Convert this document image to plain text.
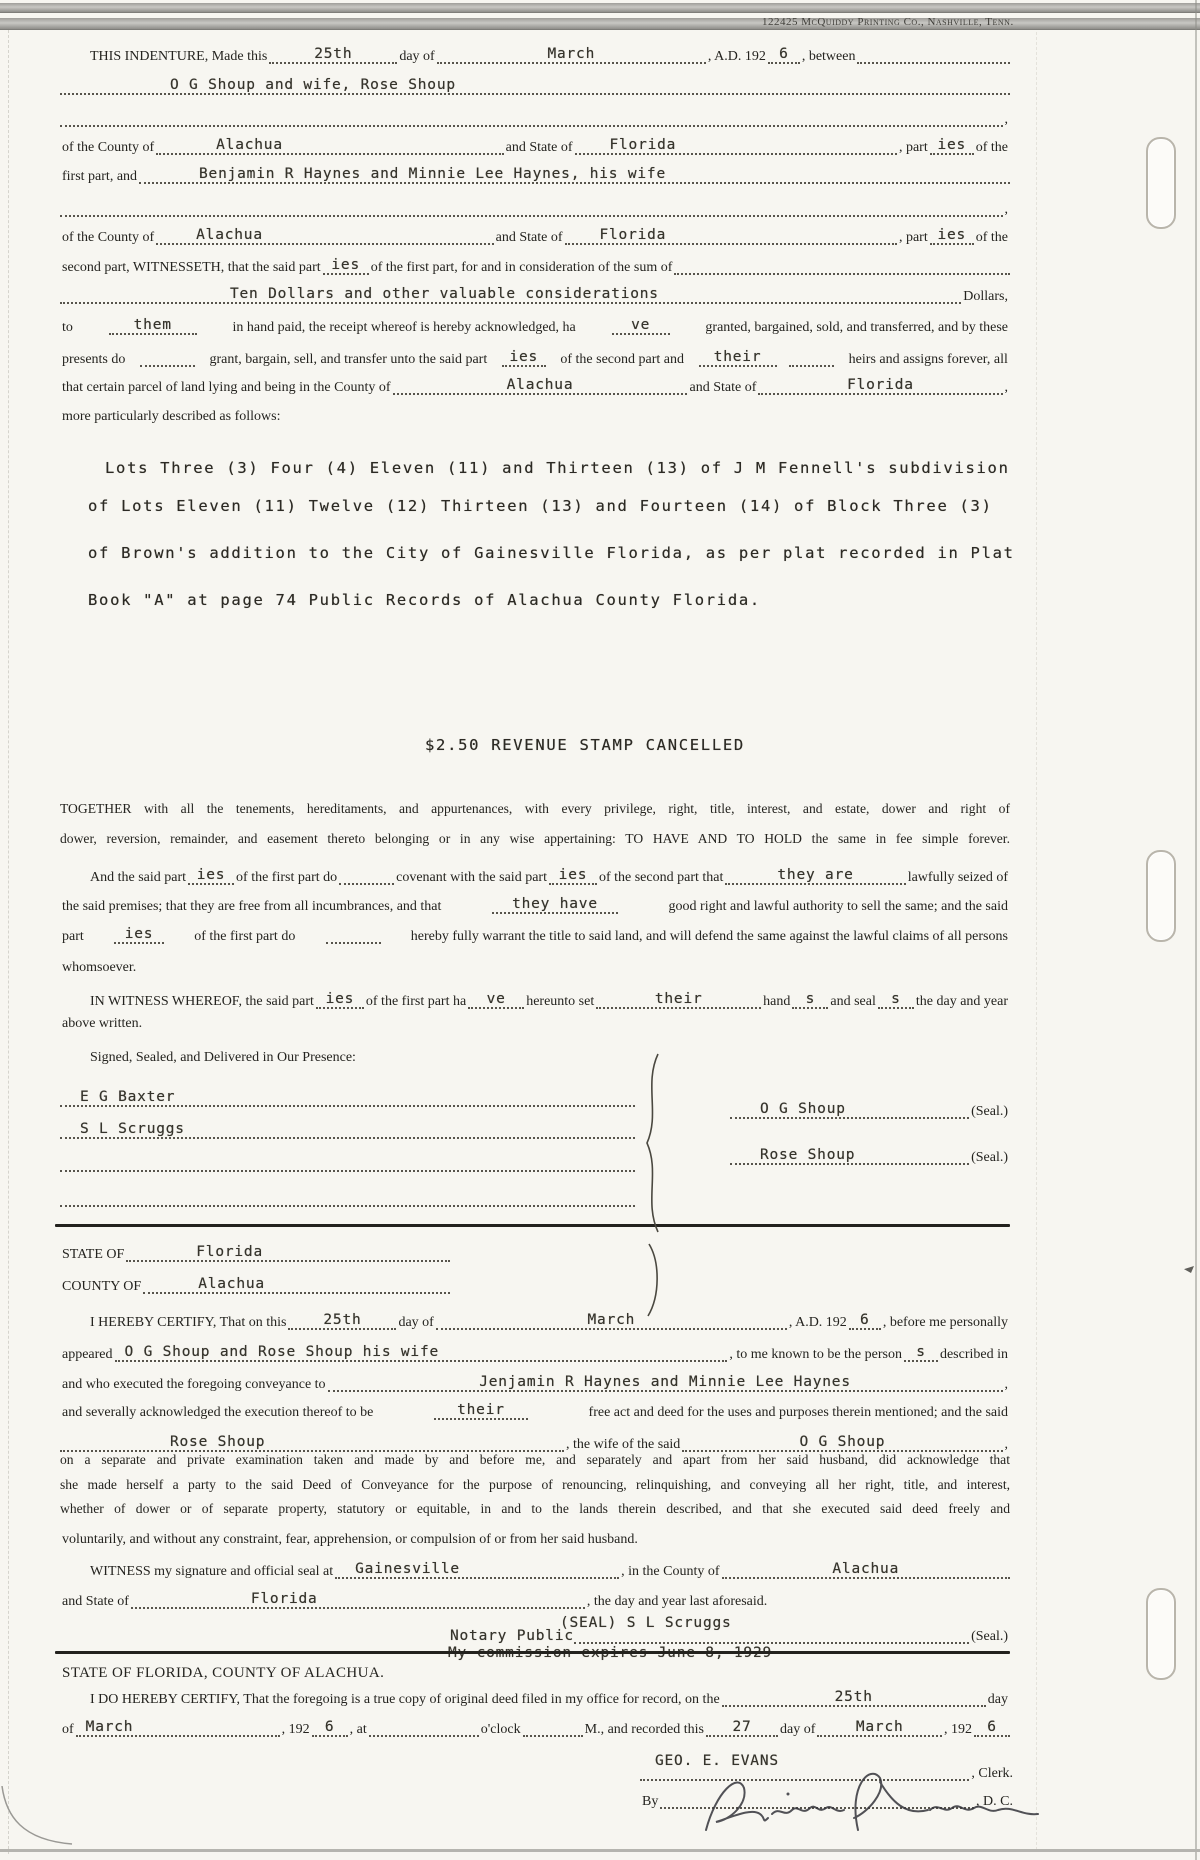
122425 McQuiddy Printing Co., Nashville, Tenn.
THIS INDENTURE, Made this	25th	day of	March	, A.D. 192 6 , between
O G Shoup and wife, Rose Shoup
,
of the County of	Alachua	and State of	Florida	, part ies of the
first part, and	Benjamin R Haynes and Minnie Lee Haynes, his wife
,
of the County of	Alachua	and State of	Florida	, part ies of the
second part, WITNESSETH, that the said part ies of the first part, for and in consideration of the sum of
Ten Dollars and other valuable considerations	Dollars,
to	them	in hand paid, the receipt whereof is hereby acknowledged, ha	ve	granted, bargained, sold, and transferred, and by these
presents do	grant, bargain, sell, and transfer unto the said part	ies	of the second part and	their	heirs and assigns forever, all
that certain parcel of land lying and being in the County of	Alachua	and State of	Florida	,
more particularly described as follows:
Lots Three (3) Four (4) Eleven (11) and Thirteen (13) of J M Fennell's subdivision
of Lots Eleven (11) Twelve (12) Thirteen (13) and Fourteen (14) of Block Three (3)
of Brown's addition to the City of Gainesville Florida, as per plat recorded in Plat
Book "A" at page 74 Public Records of Alachua County Florida.
$2.50 REVENUE STAMP CANCELLED
TOGETHER with all the tenements, hereditaments, and appurtenances, with every privilege, right, title, interest, and estate, dower and right of
dower, reversion, remainder, and easement thereto belonging or in any wise appertaining: TO HAVE AND TO HOLD the same in fee simple forever.
And the said part ies of the first part do	covenant with the said part ies of the second part that	they are	lawfully seized of
the said premises; that they are free from all incumbrances, and that	they have	good right and lawful authority to sell the same; and the said
part	ies	of the first part do	hereby fully warrant the title to said land, and will defend the same against the lawful claims of all persons
whomsoever.
IN WITNESS WHEREOF, the said part ies of the first part ha	ve	hereunto set	their	hand	s	and seal	s	the day and year
above written.
Signed, Sealed, and Delivered in Our Presence:
E G Baxter
S L Scruggs
O G Shoup	(Seal.)
Rose Shoup	(Seal.)
STATE OF	Florida
COUNTY OF	Alachua
I HEREBY CERTIFY, That on this	25th	day of	March	, A.D. 192 6 , before me personally
appeared O G Shoup and Rose Shoup his wife	, to me known to be the person s	described in
and who executed the foregoing conveyance to	Jenjamin R Haynes and Minnie Lee Haynes	,
and severally acknowledged the execution thereof to be	their	free act and deed for the uses and purposes therein mentioned; and the said
Rose Shoup	, the wife of the said	O G Shoup	,
on a separate and private examination taken and made by and before me, and separately and apart from her said husband, did acknowledge that
she made herself a party to the said Deed of Conveyance for the purpose of renouncing, relinquishing, and conveying all her right, title, and interest,
whether of dower or of separate property, statutory or equitable, in and to the lands therein described, and that she executed said deed freely and
voluntarily, and without any constraint, fear, apprehension, or compulsion of or from her said husband.
WITNESS my signature and official seal at	Gainesville	, in the County of	Alachua
and State of	Florida	, the day and year last aforesaid.
(SEAL) S L Scruggs
Notary Public	(Seal.)
STATE OF FLORIDA, COUNTY OF ALACHUA.
I DO HEREBY CERTIFY, That the foregoing is a true copy of original deed filed in my office for record, on the	25th	day
of March	, 192	6	, at	o'clock	M., and recorded this	27	day of	March	, 192	6
GEO. E. EVANS
, Clerk.
By	, D. C.
